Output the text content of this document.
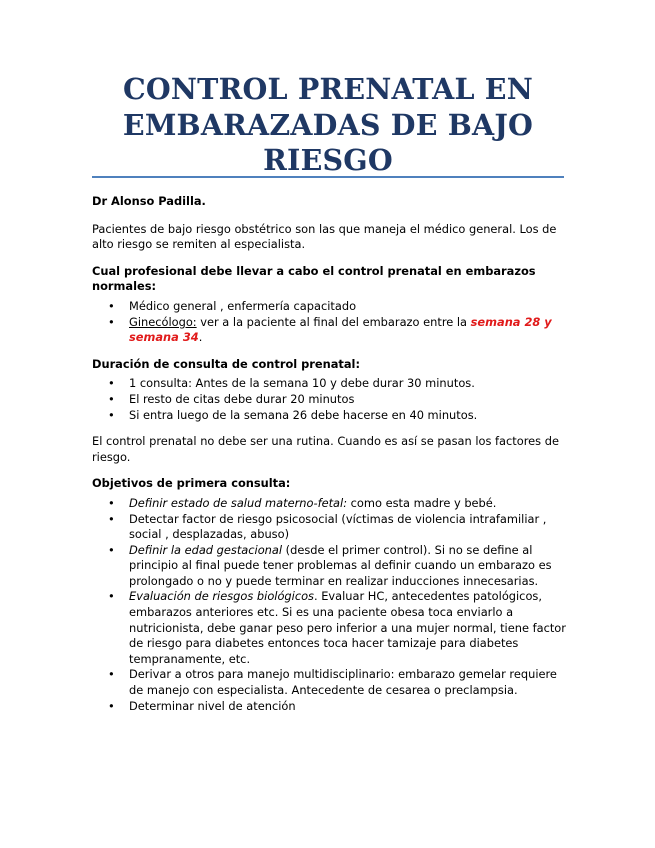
CONTROL PRENATAL EN
EMBARAZADAS DE BAJO
RIESGO

Dr Alonso Padilla.

Pacientes de bajo riesgo obstétrico son las que maneja el médico general. Los de alto riesgo se remiten al especialista.

Cual profesional debe llevar a cabo el control prenatal en embarazos normales:

• Médico general , enfermería capacitado
• Ginecólogo: ver a la paciente al final del embarazo entre la semana 28 y semana 34.

Duración de consulta de control prenatal:

• 1 consulta: Antes de la semana 10 y debe durar 30 minutos.
• El resto de citas debe durar 20 minutos
• Si entra luego de la semana 26 debe hacerse en 40 minutos.

El control prenatal no debe ser una rutina. Cuando es así se pasan los factores de riesgo.

Objetivos de primera consulta:

• Definir estado de salud materno-fetal: como esta madre y bebé.
• Detectar factor de riesgo psicosocial (víctimas de violencia intrafamiliar , social , desplazadas, abuso)
• Definir la edad gestacional (desde el primer control). Si no se define al principio al final puede tener problemas al definir cuando un embarazo es prolongado o no y puede terminar en realizar inducciones innecesarias.
• Evaluación de riesgos biológicos. Evaluar HC, antecedentes patológicos, embarazos anteriores etc. Si es una paciente obesa toca enviarlo a nutricionista, debe ganar peso pero inferior a una mujer normal, tiene factor de riesgo para diabetes entonces toca hacer tamizaje para diabetes tempranamente, etc.
• Derivar a otros para manejo multidisciplinario: embarazo gemelar requiere de manejo con especialista. Antecedente de cesarea o preclampsia.
• Determinar nivel de atención
